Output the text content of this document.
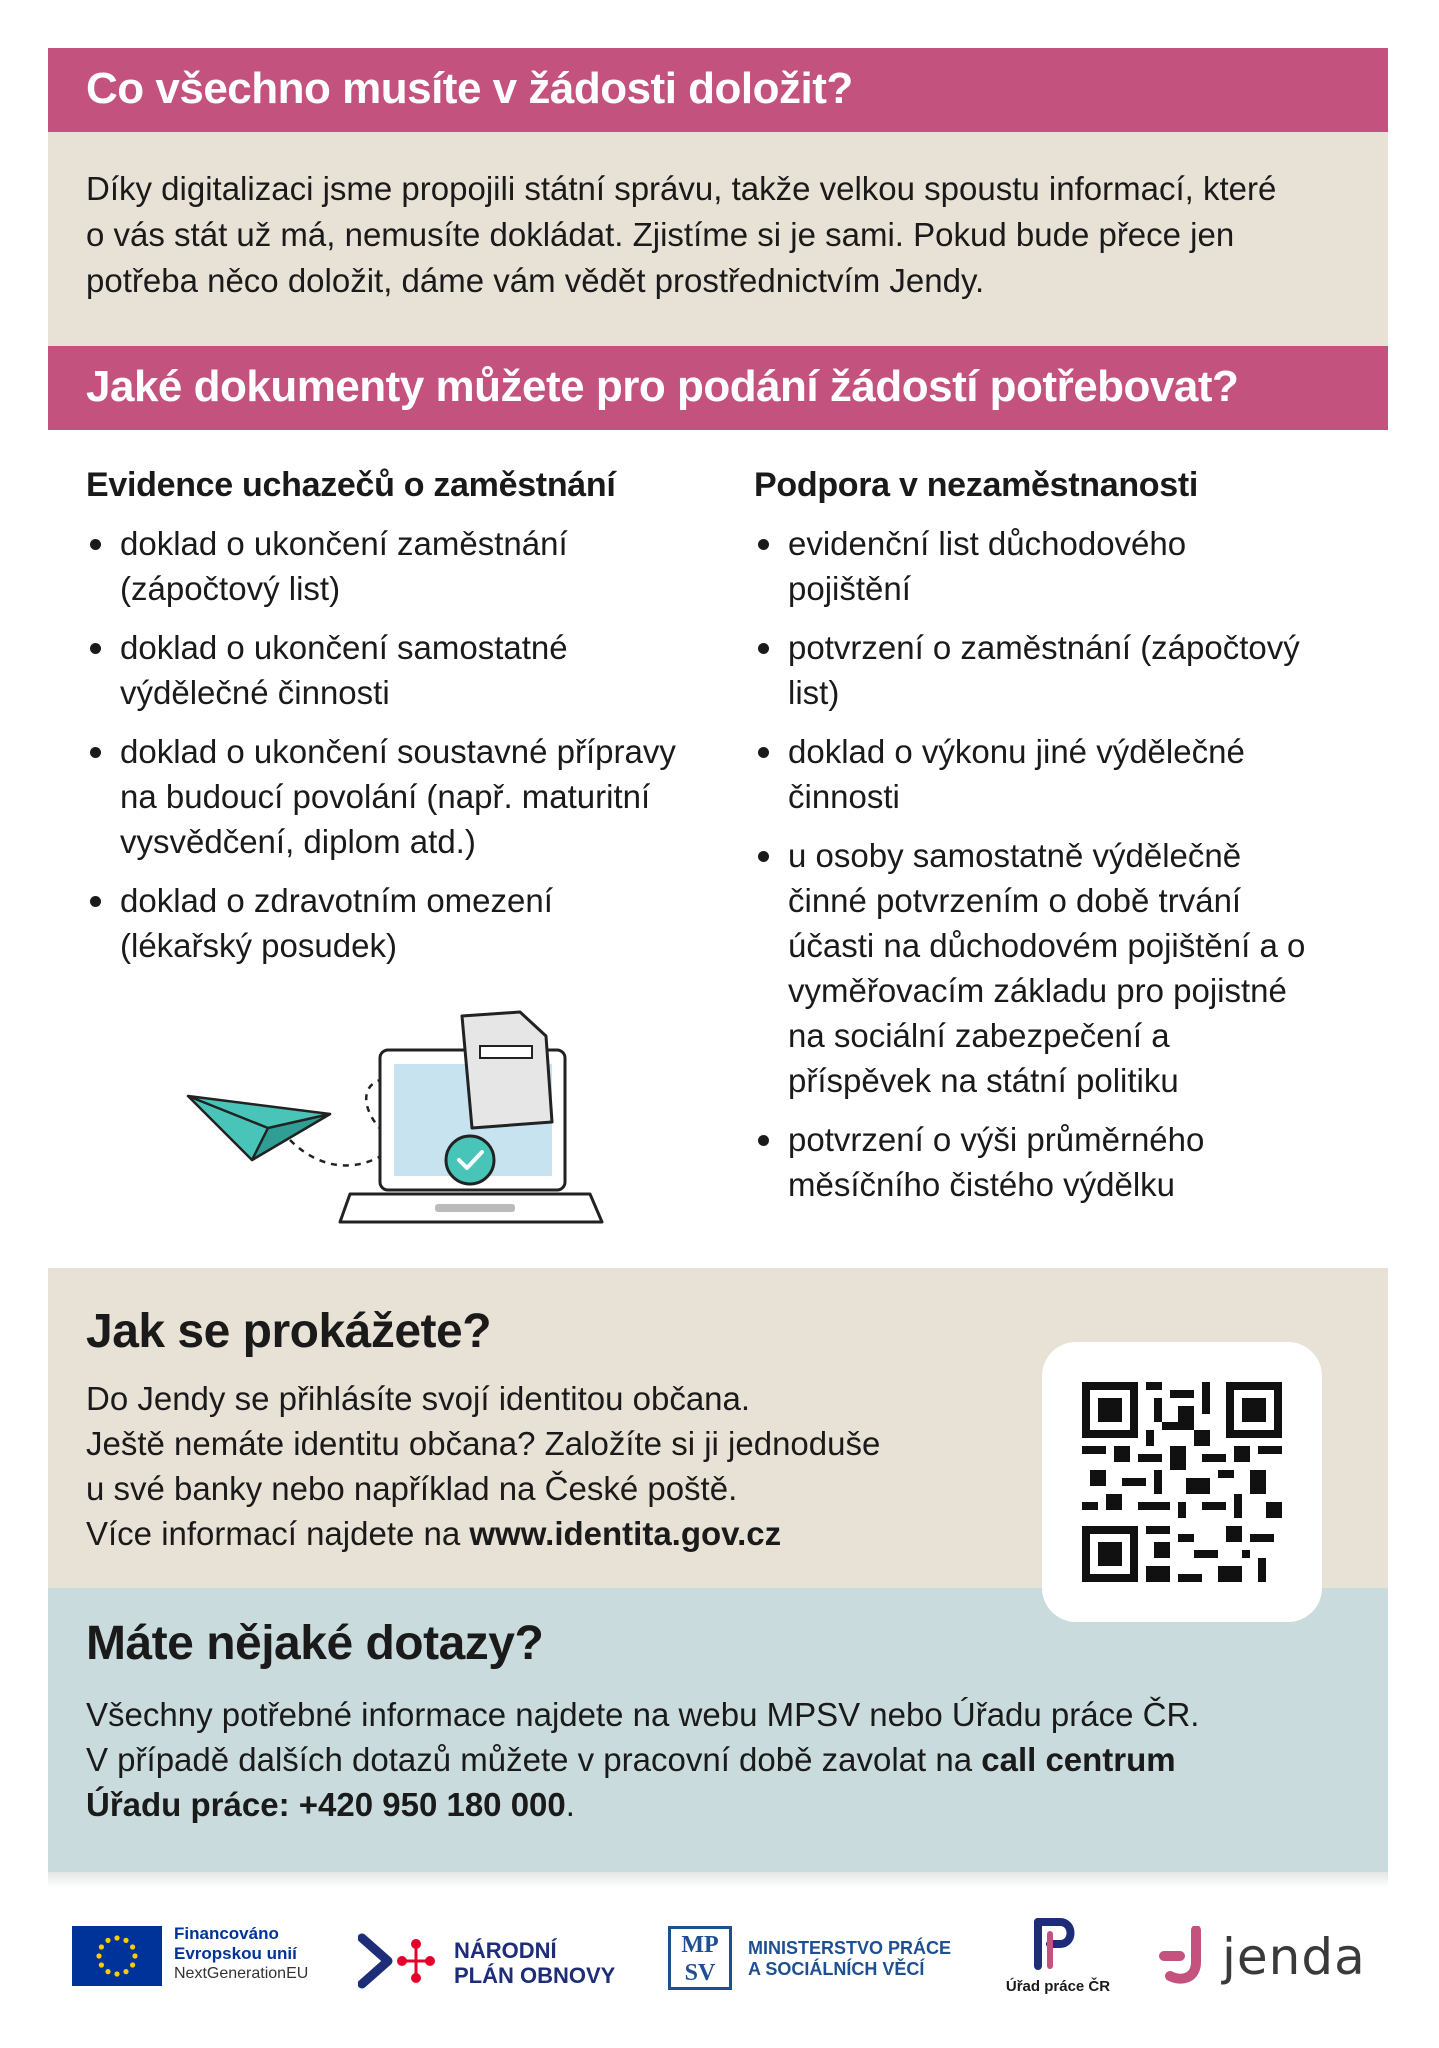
Co všechno musíte v žádosti doložit?
Díky digitalizaci jsme propojili státní správu, takže velkou spoustu informací, které
o vás stát už má, nemusíte dokládat. Zjistíme si je sami. Pokud bude přece jen
potřeba něco doložit, dáme vám vědět prostřednictvím Jendy.
Jaké dokumenty můžete pro podání žádostí potřebovat?
Evidence uchazečů o zaměstnání
doklad o ukončení zaměstnání (zápočtový list)
doklad o ukončení samostatné výdělečné činnosti
doklad o ukončení soustavné přípravy na budoucí povolání (např. maturitní vysvědčení, diplom atd.)
doklad o zdravotním omezení (lékařský posudek)
Podpora v nezaměstnanosti
evidenční list důchodového pojištění
potvrzení o zaměstnání (zápočtový list)
doklad o výkonu jiné výdělečné činnosti
u osoby samostatně výdělečně činné potvrzením o době trvání účasti na důchodovém pojištění a o vyměřovacím základu pro pojistné na sociální zabezpečení a příspěvek na státní politiku
potvrzení o výši průměrného měsíčního čistého výdělku
Jak se prokážete?
Do Jendy se přihlásíte svojí identitou občana.
Ještě nemáte identitu občana? Založíte si ji jednoduše
u své banky nebo například na České poště.
Více informací najdete na www.identita.gov.cz
Máte nějaké dotazy?
Všechny potřebné informace najdete na webu MPSV nebo Úřadu práce ČR.
V případě dalších dotazů můžete v pracovní době zavolat na call centrum
Úřadu práce: +420 950 180 000.
Financováno
Evropskou unií
NextGenerationEU
NÁRODNÍ
PLÁN OBNOVY
MPSV
MINISTERSTVO PRÁCE
A SOCIÁLNÍCH VĚCÍ
Úřad práce ČR
jenda
